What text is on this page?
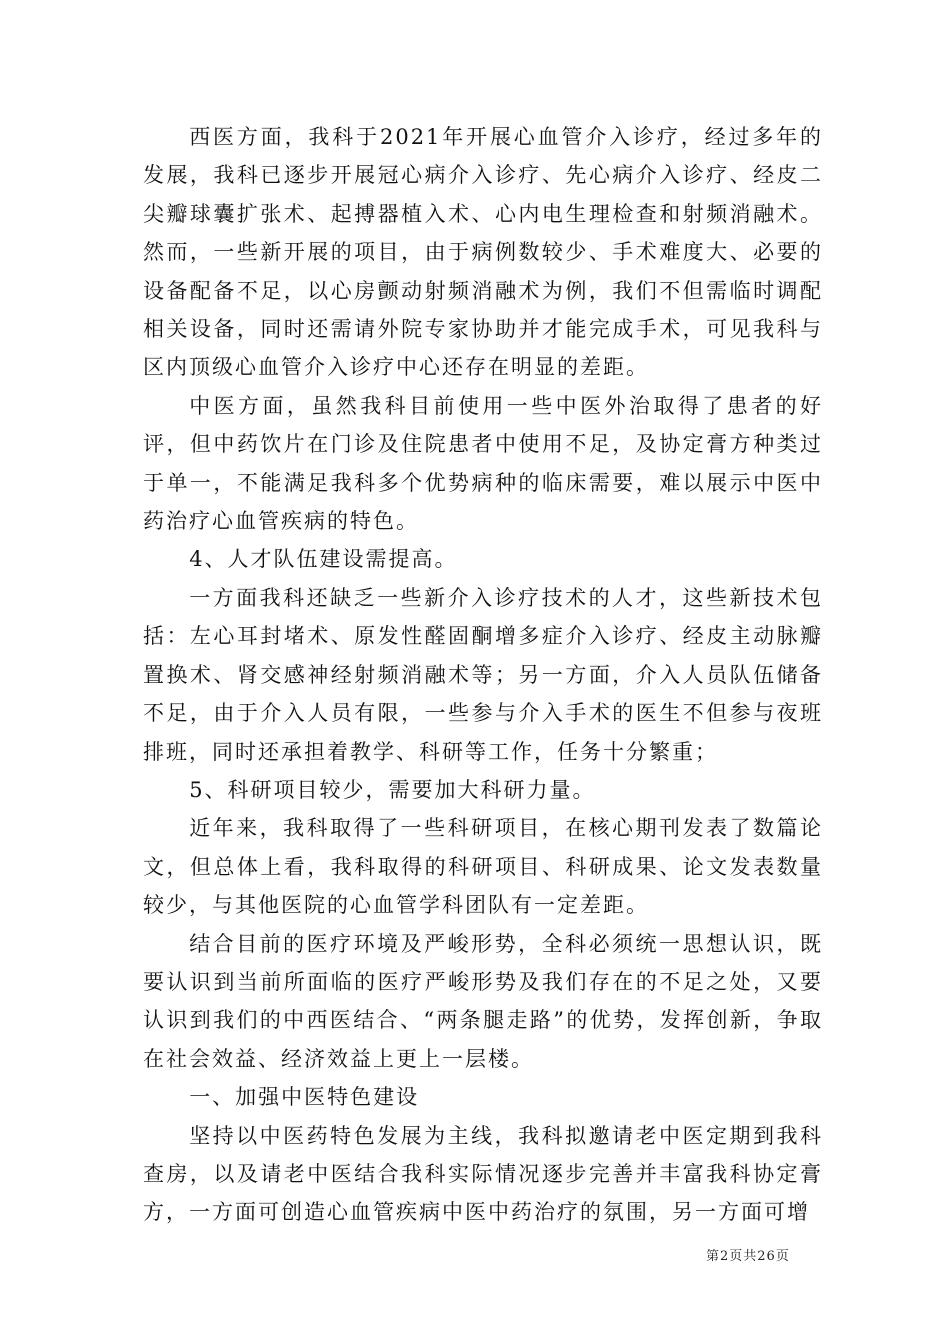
西医方面，我科于2021年开展心血管介入诊疗，经过多年的发展，我科已逐步开展冠心病介入诊疗、先心病介入诊疗、经皮二尖瓣球囊扩张术、起搏器植入术、心内电生理检查和射频消融术。然而，一些新开展的项目，由于病例数较少、手术难度大、必要的设备配备不足，以心房颤动射频消融术为例，我们不但需临时调配相关设备，同时还需请外院专家协助并才能完成手术，可见我科与区内顶级心血管介入诊疗中心还存在明显的差距。

中医方面，虽然我科目前使用一些中医外治取得了患者的好评，但中药饮片在门诊及住院患者中使用不足，及协定膏方种类过于单一，不能满足我科多个优势病种的临床需要，难以展示中医中药治疗心血管疾病的特色。

4、人才队伍建设需提高。

一方面我科还缺乏一些新介入诊疗技术的人才，这些新技术包括：左心耳封堵术、原发性醛固酮增多症介入诊疗、经皮主动脉瓣置换术、肾交感神经射频消融术等；另一方面，介入人员队伍储备不足，由于介入人员有限，一些参与介入手术的医生不但参与夜班排班，同时还承担着教学、科研等工作，任务十分繁重；

5、科研项目较少，需要加大科研力量。

近年来，我科取得了一些科研项目，在核心期刊发表了数篇论文，但总体上看，我科取得的科研项目、科研成果、论文发表数量较少，与其他医院的心血管学科团队有一定差距。

结合目前的医疗环境及严峻形势，全科必须统一思想认识，既要认识到当前所面临的医疗严峻形势及我们存在的不足之处，又要认识到我们的中西医结合、“两条腿走路”的优势，发挥创新，争取在社会效益、经济效益上更上一层楼。

一、加强中医特色建设

坚持以中医药特色发展为主线，我科拟邀请老中医定期到我科查房，以及请老中医结合我科实际情况逐步完善并丰富我科协定膏方，一方面可创造心血管疾病中医中药治疗的氛围，另一方面可增

第2页共26页
